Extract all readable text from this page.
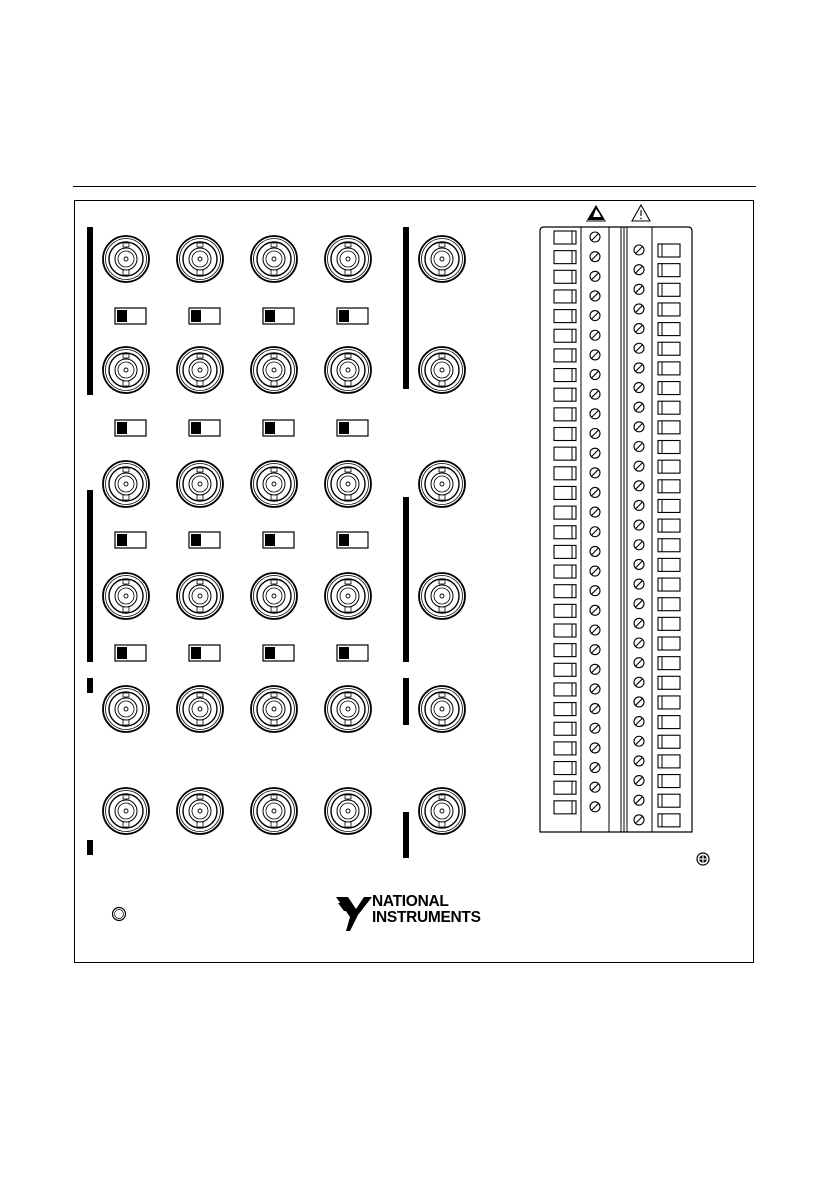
NATIONAL
INSTRUMENTS
